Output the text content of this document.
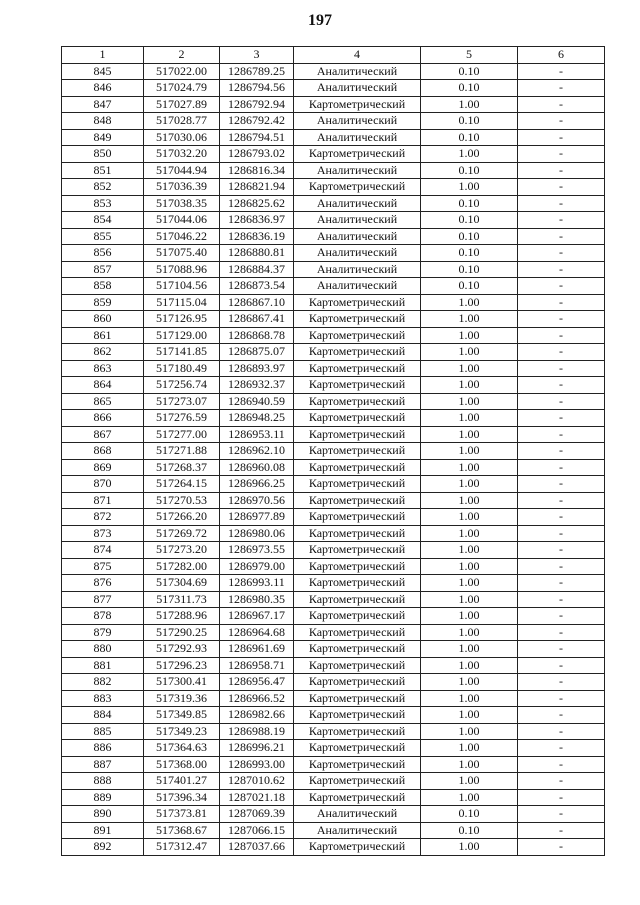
197
1	2	3	4	5	6
845	517022.00	1286789.25	Аналитический	0.10	-
846	517024.79	1286794.56	Аналитический	0.10	-
847	517027.89	1286792.94	Картометрический	1.00	-
848	517028.77	1286792.42	Аналитический	0.10	-
849	517030.06	1286794.51	Аналитический	0.10	-
850	517032.20	1286793.02	Картометрический	1.00	-
851	517044.94	1286816.34	Аналитический	0.10	-
852	517036.39	1286821.94	Картометрический	1.00	-
853	517038.35	1286825.62	Аналитический	0.10	-
854	517044.06	1286836.97	Аналитический	0.10	-
855	517046.22	1286836.19	Аналитический	0.10	-
856	517075.40	1286880.81	Аналитический	0.10	-
857	517088.96	1286884.37	Аналитический	0.10	-
858	517104.56	1286873.54	Аналитический	0.10	-
859	517115.04	1286867.10	Картометрический	1.00	-
860	517126.95	1286867.41	Картометрический	1.00	-
861	517129.00	1286868.78	Картометрический	1.00	-
862	517141.85	1286875.07	Картометрический	1.00	-
863	517180.49	1286893.97	Картометрический	1.00	-
864	517256.74	1286932.37	Картометрический	1.00	-
865	517273.07	1286940.59	Картометрический	1.00	-
866	517276.59	1286948.25	Картометрический	1.00	-
867	517277.00	1286953.11	Картометрический	1.00	-
868	517271.88	1286962.10	Картометрический	1.00	-
869	517268.37	1286960.08	Картометрический	1.00	-
870	517264.15	1286966.25	Картометрический	1.00	-
871	517270.53	1286970.56	Картометрический	1.00	-
872	517266.20	1286977.89	Картометрический	1.00	-
873	517269.72	1286980.06	Картометрический	1.00	-
874	517273.20	1286973.55	Картометрический	1.00	-
875	517282.00	1286979.00	Картометрический	1.00	-
876	517304.69	1286993.11	Картометрический	1.00	-
877	517311.73	1286980.35	Картометрический	1.00	-
878	517288.96	1286967.17	Картометрический	1.00	-
879	517290.25	1286964.68	Картометрический	1.00	-
880	517292.93	1286961.69	Картометрический	1.00	-
881	517296.23	1286958.71	Картометрический	1.00	-
882	517300.41	1286956.47	Картометрический	1.00	-
883	517319.36	1286966.52	Картометрический	1.00	-
884	517349.85	1286982.66	Картометрический	1.00	-
885	517349.23	1286988.19	Картометрический	1.00	-
886	517364.63	1286996.21	Картометрический	1.00	-
887	517368.00	1286993.00	Картометрический	1.00	-
888	517401.27	1287010.62	Картометрический	1.00	-
889	517396.34	1287021.18	Картометрический	1.00	-
890	517373.81	1287069.39	Аналитический	0.10	-
891	517368.67	1287066.15	Аналитический	0.10	-
892	517312.47	1287037.66	Картометрический	1.00	-
